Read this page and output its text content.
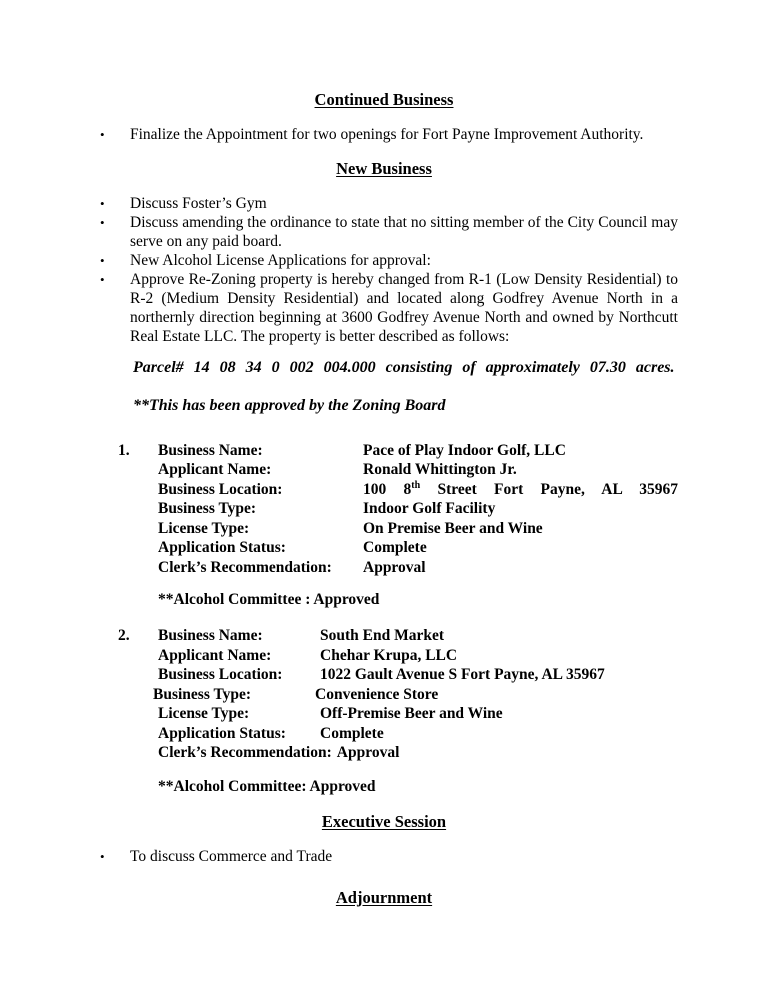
Continued Business
•	Finalize the Appointment for two openings for Fort Payne Improvement Authority.
New Business
•	Discuss Foster’s Gym
•	Discuss amending the ordinance to state that no sitting member of the City Council may serve on any paid board.
•	New Alcohol License Applications for approval:
•	Approve Re-Zoning property is hereby changed from R-1 (Low Density Residential) to R-2 (Medium Density Residential) and located along Godfrey Avenue North in a northernly direction beginning at 3600 Godfrey Avenue North and owned by Northcutt Real Estate LLC. The property is better described as follows:

Parcel# 14 08 34 0 002 004.000 consisting of approximately 07.30 acres.

**This has been approved by the Zoning Board

1.	Business Name:	Pace of Play Indoor Golf, LLC
Applicant Name:	Ronald Whittington Jr.
Business Location:	100 8th Street Fort Payne, AL 35967
Business Type:	Indoor Golf Facility
License Type:	On Premise Beer and Wine
Application Status:	Complete
Clerk’s Recommendation:	Approval

**Alcohol Committee : Approved

2.	Business Name:	South End Market
Applicant Name:	Chehar Krupa, LLC
Business Location:	1022 Gault Avenue S Fort Payne, AL 35967
Business Type:	Convenience Store
License Type:	Off-Premise Beer and Wine
Application Status:	Complete
Clerk’s Recommendation: Approval

**Alcohol Committee: Approved

Executive Session
•	To discuss Commerce and Trade
Adjournment
